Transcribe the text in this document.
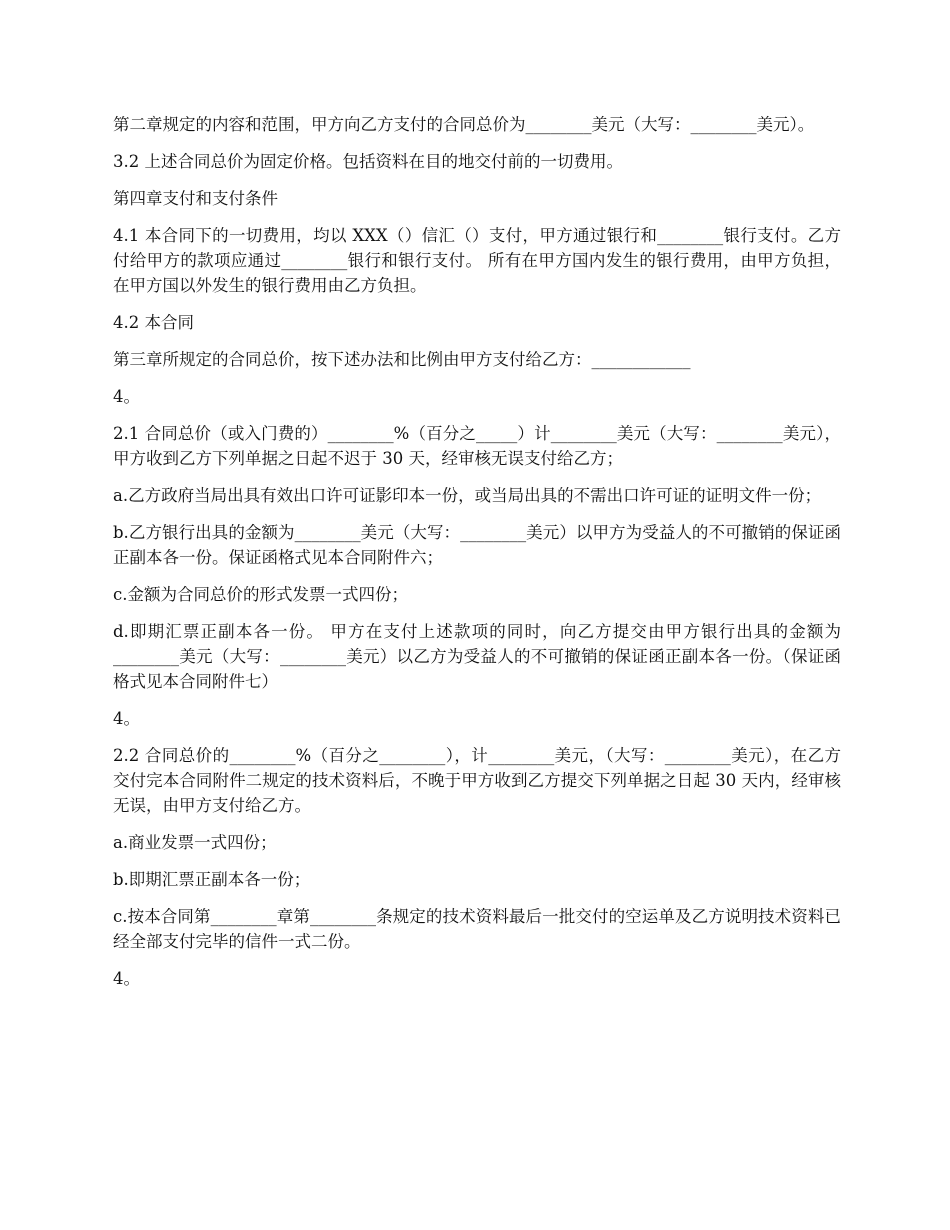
第二章规定的内容和范围，甲方向乙方支付的合同总价为________美元（大写：________美元）。

3.2 上述合同总价为固定价格。包括资料在目的地交付前的一切费用。

第四章支付和支付条件

4.1 本合同下的一切费用，均以 XXX（）信汇（）支付，甲方通过银行和________银行支付。乙方付给甲方的款项应通过________银行和银行支付。 所有在甲方国内发生的银行费用，由甲方负担，在甲方国以外发生的银行费用由乙方负担。

4.2 本合同

第三章所规定的合同总价，按下述办法和比例由甲方支付给乙方：____________

4。

2.1 合同总价（或入门费的）________%（百分之_____）计________美元（大写：________美元），甲方收到乙方下列单据之日起不迟于 30 天，经审核无误支付给乙方；

a.乙方政府当局出具有效出口许可证影印本一份，或当局出具的不需出口许可证的证明文件一份；

b.乙方银行出具的金额为________美元（大写：________美元）以甲方为受益人的不可撤销的保证函正副本各一份。保证函格式见本合同附件六；

c.金额为合同总价的形式发票一式四份；

d.即期汇票正副本各一份。 甲方在支付上述款项的同时，向乙方提交由甲方银行出具的金额为________美元（大写：________美元）以乙方为受益人的不可撤销的保证函正副本各一份。（保证函格式见本合同附件七）

4。

2.2 合同总价的________%（百分之________），计________美元，（大写：________美元），在乙方交付完本合同附件二规定的技术资料后，不晚于甲方收到乙方提交下列单据之日起 30 天内，经审核无误，由甲方支付给乙方。

a.商业发票一式四份；

b.即期汇票正副本各一份；

c.按本合同第________章第________条规定的技术资料最后一批交付的空运单及乙方说明技术资料已经全部支付完毕的信件一式二份。

4。
